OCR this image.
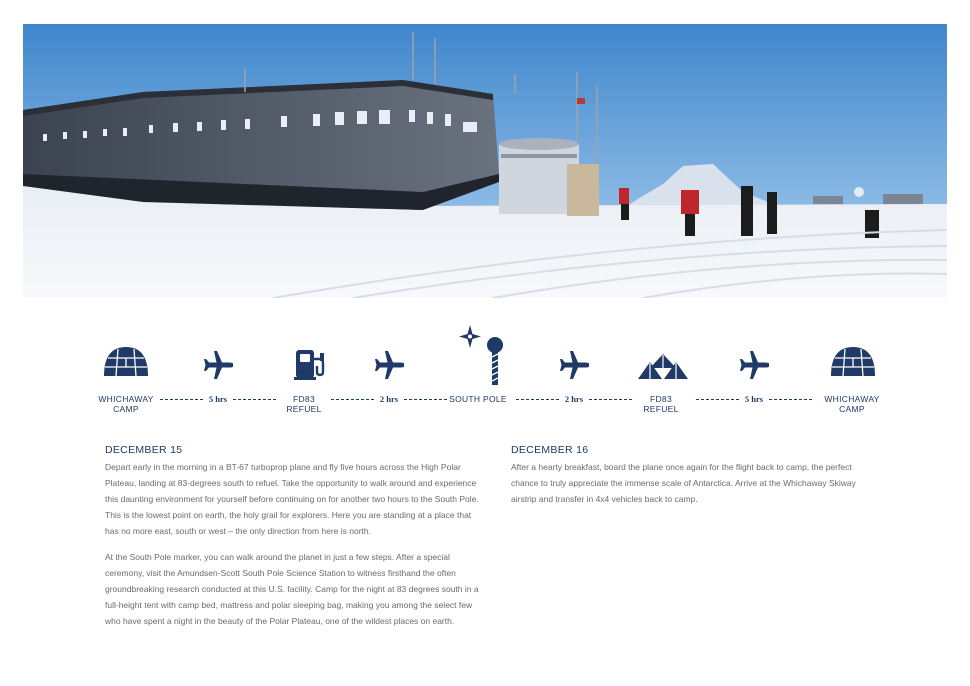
WHICHAWAY
CAMP
5 hrs	FD83
REFUEL
2 hrs	SOUTH POLE	2 hrs	FD83
REFUEL
5 hrs	WHICHAWAY
CAMP
DECEMBER 15

Depart early in the morning in a BT-67 turboprop plane and fly five hours across the High Polar Plateau, landing at 83-degrees south to refuel. Take the opportunity to walk around and experience this daunting environment for yourself before continuing on for another two hours to the South Pole. This is the lowest point on earth, the holy grail for explorers. Here you are standing at a place that has no more east, south or west – the only direction from here is north.

At the South Pole marker, you can walk around the planet in just a few steps. After a special ceremony, visit the Amundsen-Scott South Pole Science Station to witness firsthand the often groundbreaking research conducted at this U.S. facility. Camp for the night at 83 degrees south in a full-height tent with camp bed, mattress and polar sleeping bag, making you among the select few who have spent a night in the beauty of the Polar Plateau, one of the wildest places on earth.

DECEMBER 16

After a hearty breakfast, board the plane once again for the flight back to camp, the perfect chance to truly appreciate the immense scale of Antarctica. Arrive at the Whichaway Skiway airstrip and transfer in 4x4 vehicles back to camp.
